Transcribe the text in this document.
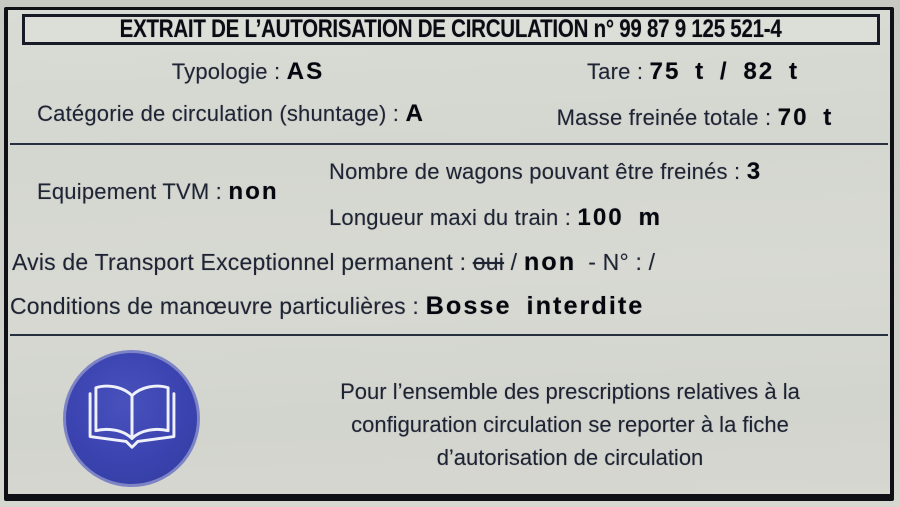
EXTRAIT DE L’AUTORISATION DE CIRCULATION n° 99 87 9 125 521-4
Typologie : AS
Catégorie de circulation (shuntage) : A
Tare : 75 t / 82 t
Masse freinée totale : 70 t
Equipement TVM : non
Nombre de wagons pouvant être freinés : 3
Longueur maxi du train : 100 m
Avis de Transport Exceptionnel permanent : oui / non - N° : /
Conditions de manœuvre particulières : Bosse interdite
Pour l’ensemble des prescriptions relatives à la
configuration circulation se reporter à la fiche
d’autorisation de circulation
